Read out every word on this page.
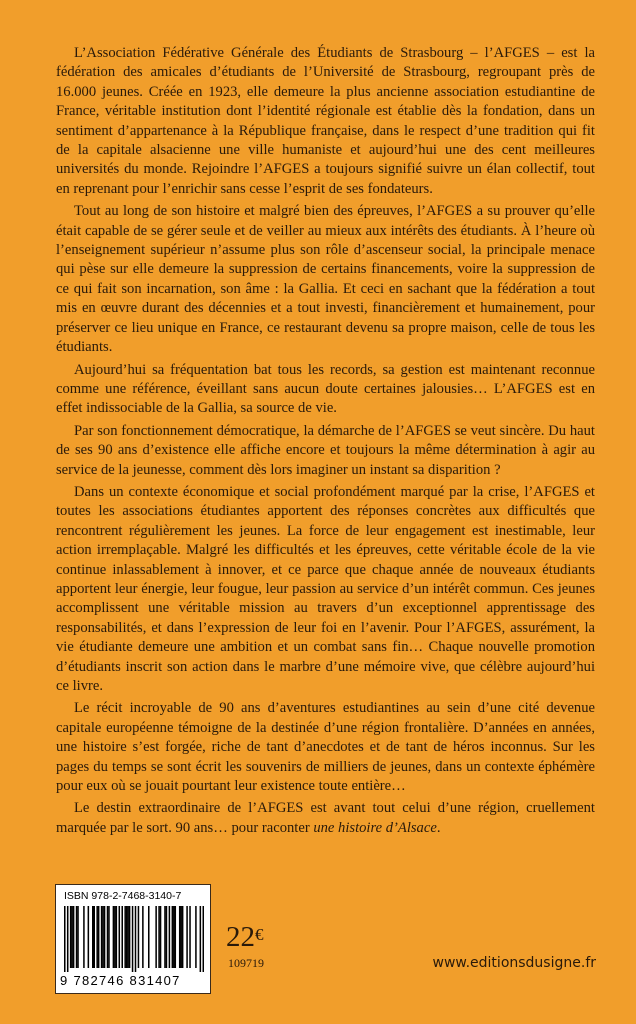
L’Association Fédérative Générale des Étudiants de Strasbourg – l’AFGES – est la fédération des amicales d’étudiants de l’Université de Strasbourg, regroupant près de 16.000 jeunes. Créée en 1923, elle demeure la plus ancienne association estudiantine de France, véritable institution dont l’identité régionale est établie dès la fondation, dans un sentiment d’appartenance à la République française, dans le respect d’une tradition qui fit de la capitale alsacienne une ville humaniste et aujourd’hui une des cent meilleures universités du monde. Rejoindre l’AFGES a toujours signifié suivre un élan collectif, tout en reprenant pour l’enrichir sans cesse l’esprit de ses fondateurs.

Tout au long de son histoire et malgré bien des épreuves, l’AFGES a su prouver qu’elle était capable de se gérer seule et de veiller au mieux aux intérêts des étudiants. À l’heure où l’enseignement supérieur n’assume plus son rôle d’ascenseur social, la principale menace qui pèse sur elle demeure la suppression de certains financements, voire la suppression de ce qui fait son incarnation, son âme : la Gallia. Et ceci en sachant que la fédération a tout mis en œuvre durant des décennies et a tout investi, financièrement et humainement, pour préserver ce lieu unique en France, ce restaurant devenu sa propre maison, celle de tous les étudiants.

Aujourd’hui sa fréquentation bat tous les records, sa gestion est maintenant reconnue comme une référence, éveillant sans aucun doute certaines jalousies… L’AFGES est en effet indissociable de la Gallia, sa source de vie.

Par son fonctionnement démocratique, la démarche de l’AFGES se veut sincère. Du haut de ses 90 ans d’existence elle affiche encore et toujours la même détermination à agir au service de la jeunesse, comment dès lors imaginer un instant sa disparition ?

Dans un contexte économique et social profondément marqué par la crise, l’AFGES et toutes les associations étudiantes apportent des réponses concrètes aux difficultés que rencontrent régulièrement les jeunes. La force de leur engagement est inestimable, leur action irremplaçable. Malgré les difficultés et les épreuves, cette véritable école de la vie continue inlassablement à innover, et ce parce que chaque année de nouveaux étudiants apportent leur énergie, leur fougue, leur passion au service d’un intérêt commun. Ces jeunes accomplissent une véritable mission au travers d’un exceptionnel apprentissage des responsabilités, et dans l’expression de leur foi en l’avenir. Pour l’AFGES, assurément, la vie étudiante demeure une ambition et un combat sans fin… Chaque nouvelle promotion d’étudiants inscrit son action dans le marbre d’une mémoire vive, que célèbre aujourd’hui ce livre.

Le récit incroyable de 90 ans d’aventures estudiantines au sein d’une cité devenue capitale européenne témoigne de la destinée d’une région frontalière. D’années en années, une histoire s’est forgée, riche de tant d’anecdotes et de tant de héros inconnus. Sur les pages du temps se sont écrit les souvenirs de milliers de jeunes, dans un contexte éphémère pour eux où se jouait pourtant leur existence toute entière…

Le destin extraordinaire de l’AFGES est avant tout celui d’une région, cruellement marquée par le sort. 90 ans… pour raconter une histoire d’Alsace.

ISBN 978-2-7468-3140-7
9 782746 831407
22€
109719	www.editionsdusigne.fr
